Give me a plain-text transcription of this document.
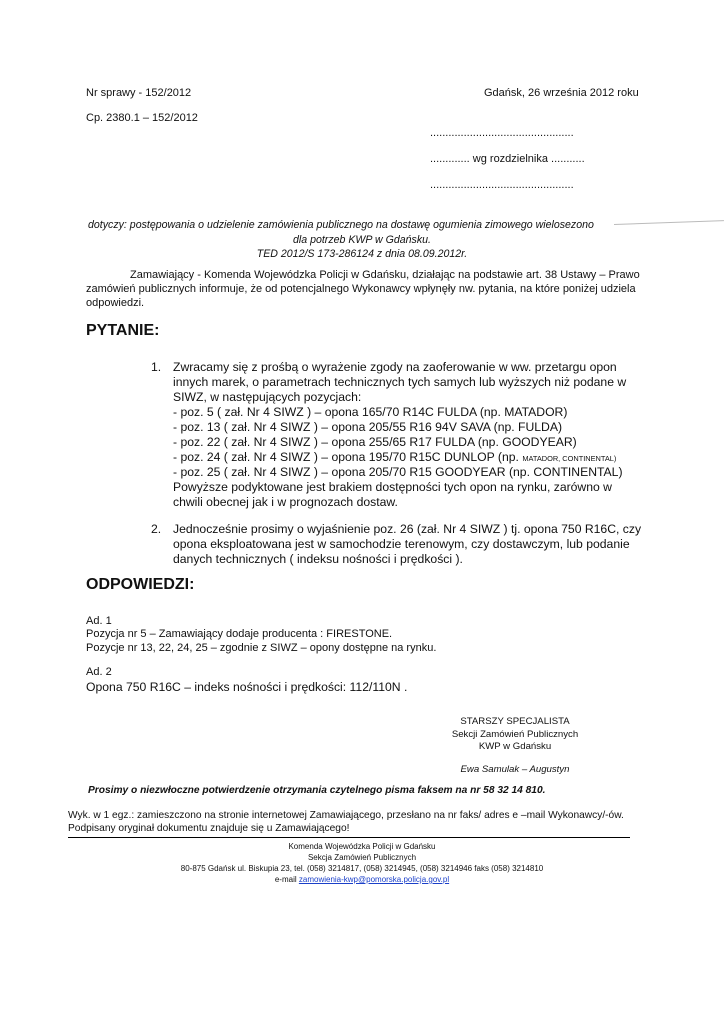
Nr sprawy - 152/2012
Cp. 2380.1 – 152/2012
Gdańsk, 26 września 2012 roku
...............................................
............. wg rozdzielnika ...........
...............................................
dotyczy: postępowania o udzielenie zamówienia publicznego na dostawę ogumienia zimowego wielosezono
dla potrzeb KWP w Gdańsku.
TED 2012/S 173-286124 z dnia 08.09.2012r.
Zamawiający - Komenda Wojewódzka Policji w Gdańsku, działając na podstawie art. 38 Ustawy – Prawo
zamówień publicznych informuje, że od potencjalnego Wykonawcy wpłynęły nw. pytania, na które poniżej udziela
odpowiedzi.
PYTANIE:
1. Zwracamy się z prośbą o wyrażenie zgody na zaoferowanie w ww. przetargu opon
innych marek, o parametrach technicznych tych samych lub wyższych niż podane w
SIWZ, w następujących pozycjach:
- poz. 5 ( zał. Nr 4 SIWZ ) – opona 165/70 R14C FULDA (np. MATADOR)
- poz. 13 ( zał. Nr 4 SIWZ ) – opona 205/55 R16 94V SAVA (np. FULDA)
- poz. 22 ( zał. Nr 4 SIWZ ) – opona 255/65 R17 FULDA (np. GOODYEAR)
- poz. 24 ( zał. Nr 4 SIWZ ) – opona 195/70 R15C DUNLOP (np. MATADOR, CONTINENTAL)
- poz. 25 ( zał. Nr 4 SIWZ ) – opona 205/70 R15 GOODYEAR (np. CONTINENTAL)
Powyższe podyktowane jest brakiem dostępności tych opon na rynku, zarówno w
chwili obecnej jak i w prognozach dostaw.
2. Jednocześnie prosimy o wyjaśnienie poz. 26 (zał. Nr 4 SIWZ ) tj. opona 750 R16C, czy
opona eksploatowana jest w samochodzie terenowym, czy dostawczym, lub podanie
danych technicznych ( indeksu nośności i prędkości ).
ODPOWIEDZI:
Ad. 1
Pozycja nr 5 – Zamawiający dodaje producenta : FIRESTONE.
Pozycje nr 13, 22, 24, 25 – zgodnie z SIWZ – opony dostępne na rynku.
Ad. 2
Opona 750 R16C – indeks nośności i prędkości: 112/110N .
STARSZY SPECJALISTA
Sekcji Zamówień Publicznych
KWP w Gdańsku
Ewa Samulak – Augustyn
Prosimy o niezwłoczne potwierdzenie otrzymania czytelnego pisma faksem na nr 58 32 14 810.
Wyk. w 1 egz.: zamieszczono na stronie internetowej Zamawiającego, przesłano na nr faks/ adres e –mail Wykonawcy/-ów.
Podpisany oryginał dokumentu znajduje się u Zamawiającego!
Komenda Wojewódzka Policji w Gdańsku
Sekcja Zamówień Publicznych
80-875 Gdańsk ul. Biskupia 23, tel. (058) 3214817, (058) 3214945, (058) 3214946 faks (058) 3214810
e-mail zamowienia-kwp@pomorska.policja.gov.pl
